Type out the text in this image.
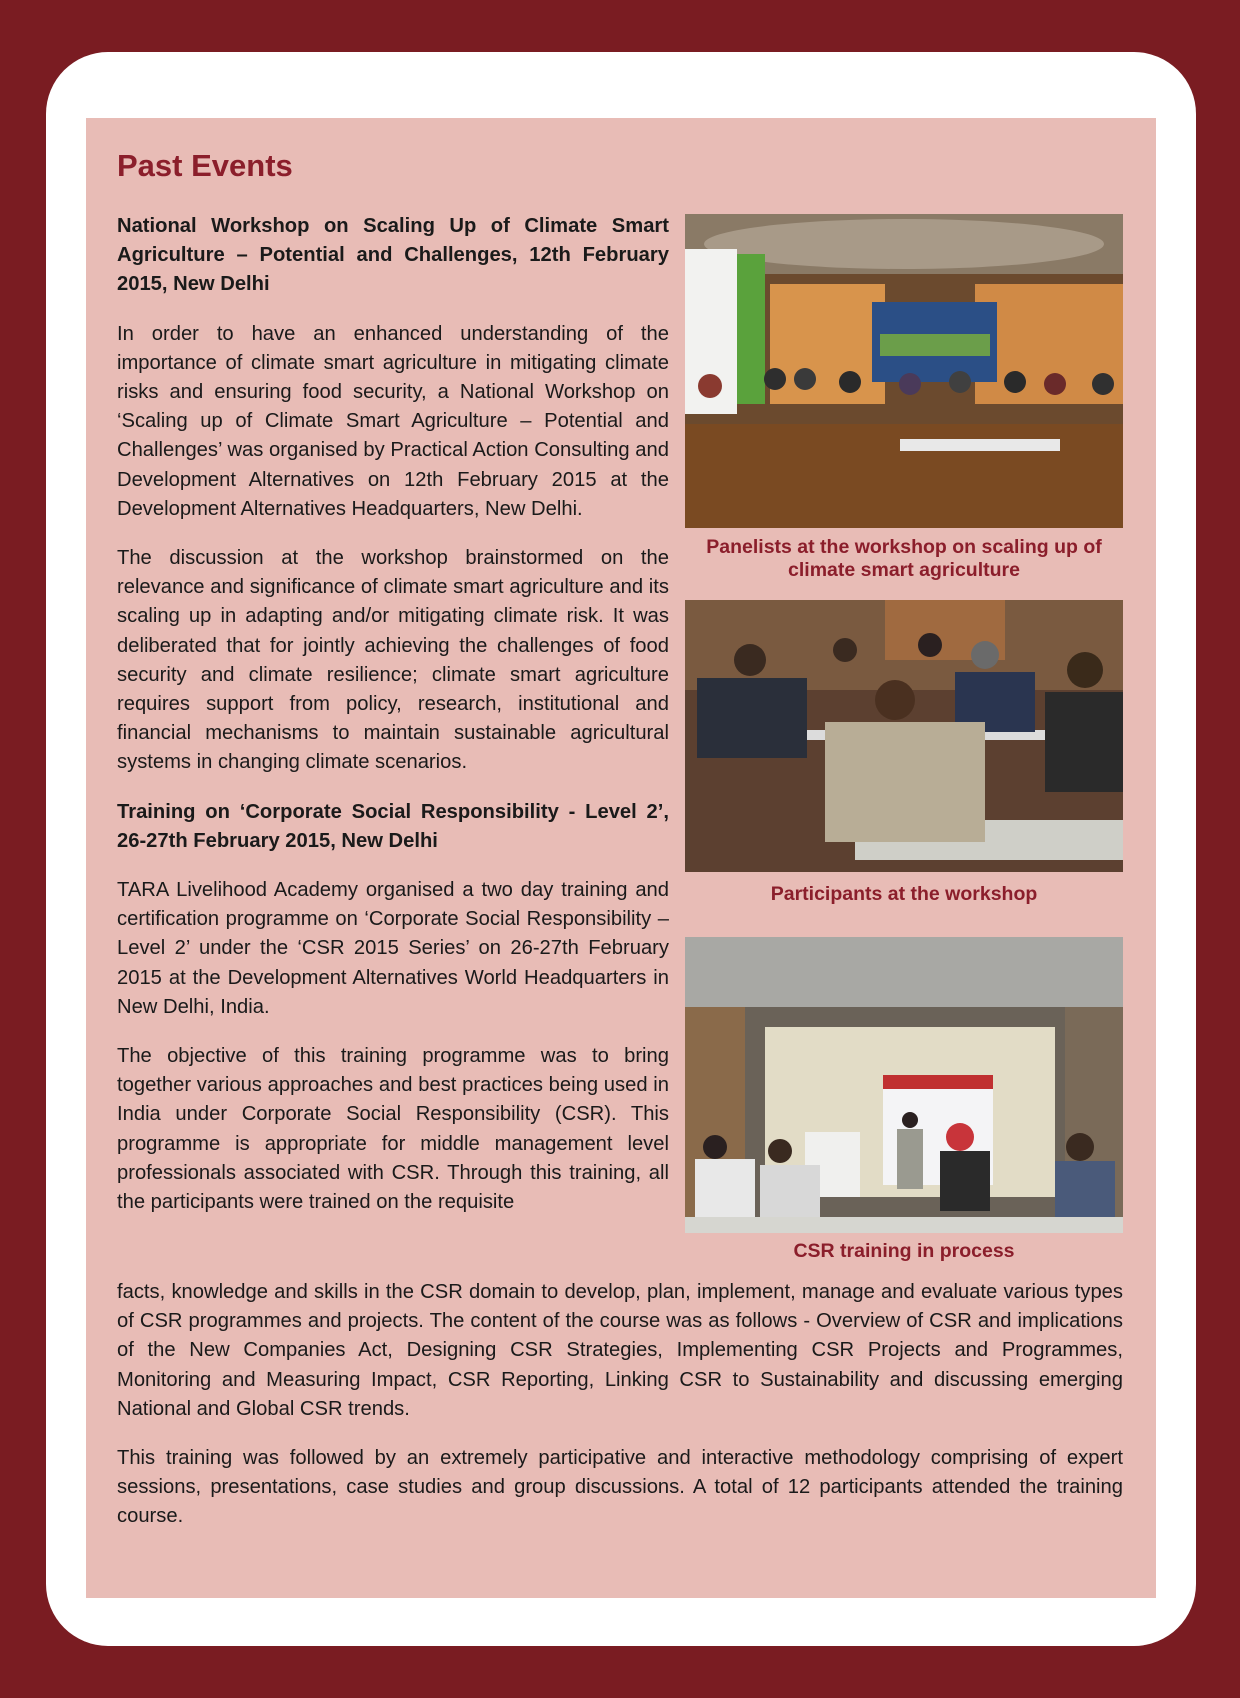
Past Events

National Workshop on Scaling Up of Climate Smart Agriculture – Potential and Challenges, 12th February 2015, New Delhi

In order to have an enhanced understanding of the importance of climate smart agriculture in mitigating climate risks and ensuring food security, a National Workshop on ‘Scaling up of Climate Smart Agriculture – Potential and Challenges’ was organised by Practical Action Consulting and Development Alternatives on 12th February 2015 at the Development Alternatives Headquarters, New Delhi.

The discussion at the workshop brainstormed on the relevance and significance of climate smart agriculture and its scaling up in adapting and/or mitigating climate risk. It was deliberated that for jointly achieving the challenges of food security and climate resilience; climate smart agriculture requires support from policy, research, institutional and financial mechanisms to maintain sustainable agricultural systems in changing climate scenarios.

Training on ‘Corporate Social Responsibility - Level 2’, 26-27th February 2015, New Delhi

TARA Livelihood Academy organised a two day training and certification programme on ‘Corporate Social Responsibility – Level 2’ under the ‘CSR 2015 Series’ on 26-27th February 2015 at the Development Alternatives World Headquarters in New Delhi, India.

The objective of this training programme was to bring together various approaches and best practices being used in India under Corporate Social Responsibility (CSR). This programme is appropriate for middle management level professionals associated with CSR. Through this training, all the participants were trained on the requisite

facts, knowledge and skills in the CSR domain to develop, plan, implement, manage and evaluate various types of CSR programmes and projects. The content of the course was as follows - Overview of CSR and implications of the New Companies Act, Designing CSR Strategies, Implementing CSR Projects and Programmes, Monitoring and Measuring Impact, CSR Reporting, Linking CSR to Sustainability and discussing emerging National and Global CSR trends.

This training was followed by an extremely participative and interactive methodology comprising of expert sessions, presentations, case studies and group discussions. A total of 12 participants attended the training course.

Panelists at the workshop on scaling up of climate smart agriculture

Participants at the workshop

CSR training in process
